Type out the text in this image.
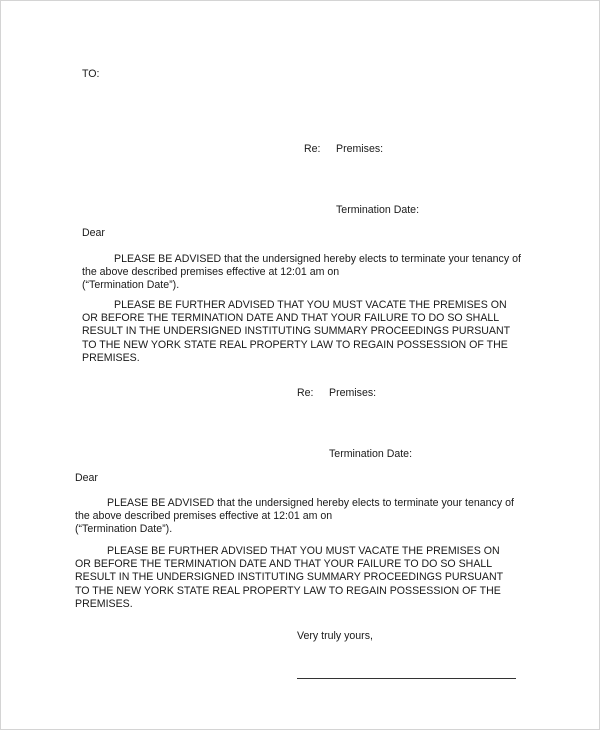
TO:
Re: Premises:
Termination Date:
Dear
PLEASE BE ADVISED that the undersigned hereby elects to terminate your tenancy of
the above described premises effective at 12:01 am on
(“Termination Date”).
PLEASE BE FURTHER ADVISED THAT YOU MUST VACATE THE PREMISES ON
OR BEFORE THE TERMINATION DATE AND THAT YOUR FAILURE TO DO SO SHALL
RESULT IN THE UNDERSIGNED INSTITUTING SUMMARY PROCEEDINGS PURSUANT
TO THE NEW YORK STATE REAL PROPERTY LAW TO REGAIN POSSESSION OF THE
PREMISES.
Re: Premises:
Termination Date:
Dear
PLEASE BE ADVISED that the undersigned hereby elects to terminate your tenancy of
the above described premises effective at 12:01 am on
(“Termination Date”).
PLEASE BE FURTHER ADVISED THAT YOU MUST VACATE THE PREMISES ON
OR BEFORE THE TERMINATION DATE AND THAT YOUR FAILURE TO DO SO SHALL
RESULT IN THE UNDERSIGNED INSTITUTING SUMMARY PROCEEDINGS PURSUANT
TO THE NEW YORK STATE REAL PROPERTY LAW TO REGAIN POSSESSION OF THE
PREMISES.
Very truly yours,
